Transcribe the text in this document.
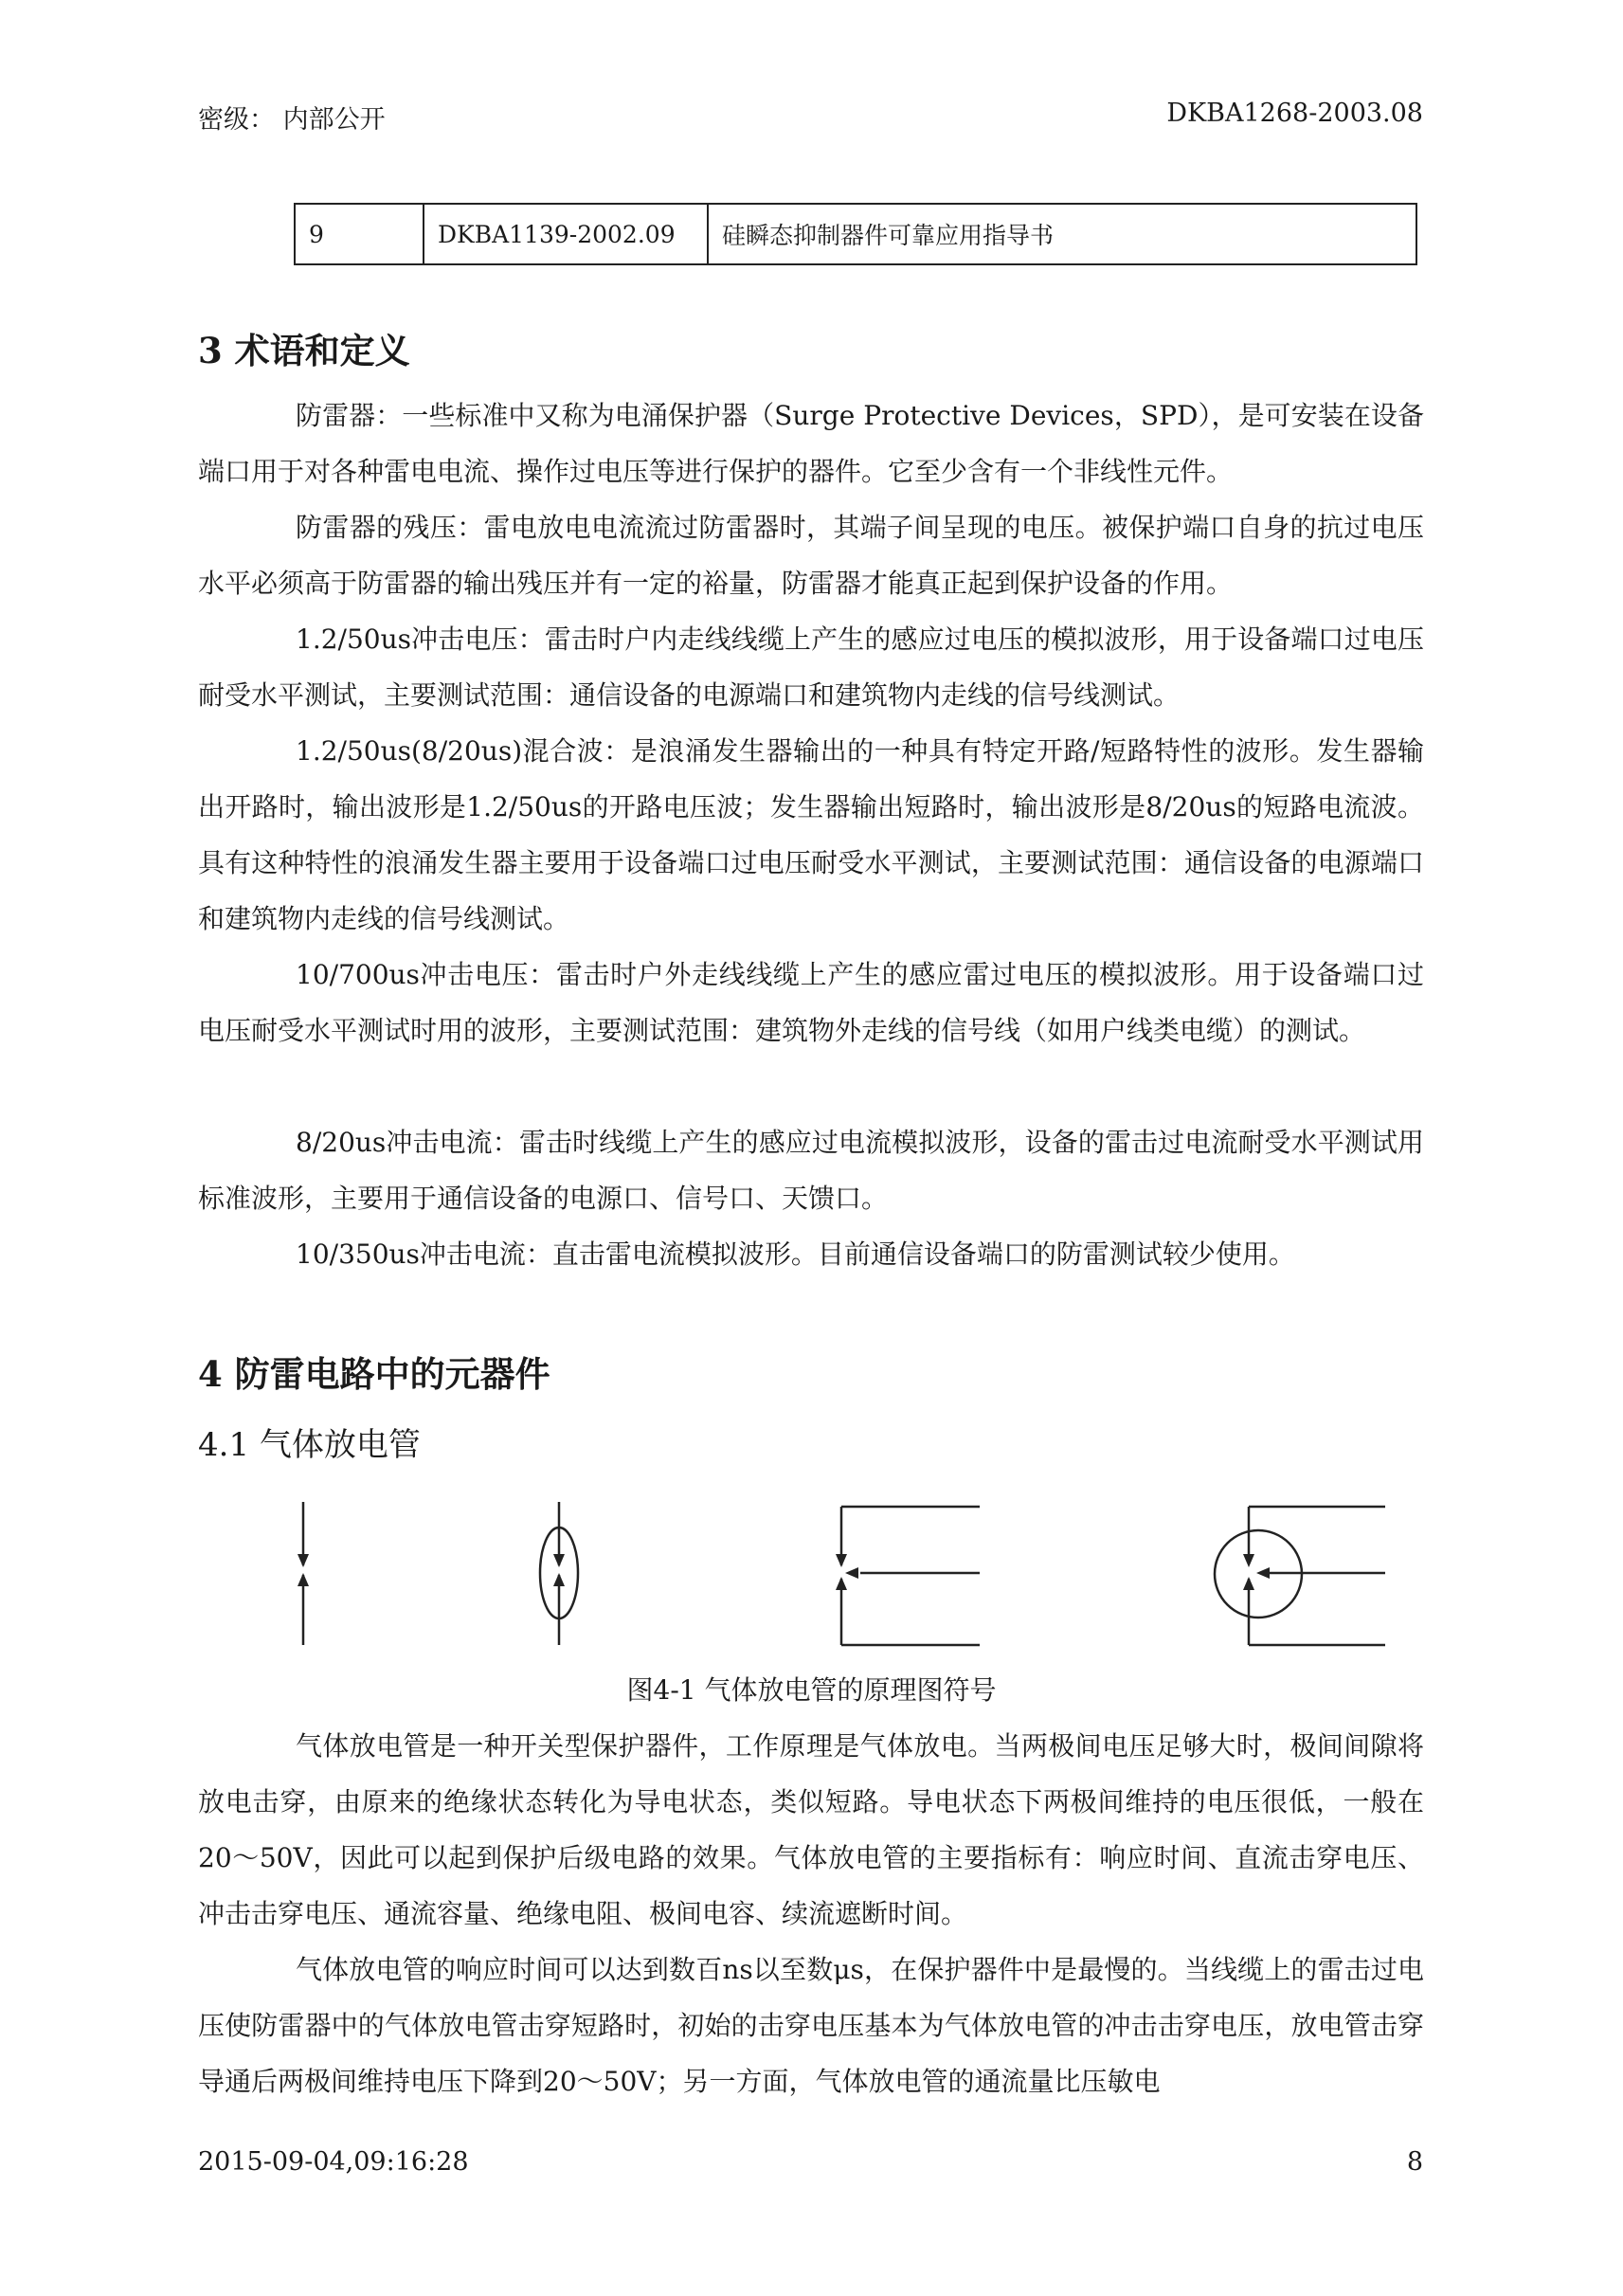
密级： 内部公开	DKBA1268-2003.08
9	DKBA1139-2002.09	硅瞬态抑制器件可靠应用指导书
3 术语和定义

防雷器：一些标准中又称为电涌保护器（Surge Protective Devices，SPD），是可安装在设备端口用于对各种雷电电流、操作过电压等进行保护的器件。它至少含有一个非线性元件。

防雷器的残压：雷电放电电流流过防雷器时，其端子间呈现的电压。被保护端口自身的抗过电压水平必须高于防雷器的输出残压并有一定的裕量，防雷器才能真正起到保护设备的作用。

1.2/50us冲击电压：雷击时户内走线线缆上产生的感应过电压的模拟波形，用于设备端口过电压耐受水平测试，主要测试范围：通信设备的电源端口和建筑物内走线的信号线测试。

1.2/50us(8/20us)混合波：是浪涌发生器输出的一种具有特定开路/短路特性的波形。发生器输出开路时，输出波形是1.2/50us的开路电压波；发生器输出短路时，输出波形是8/20us的短路电流波。具有这种特性的浪涌发生器主要用于设备端口过电压耐受水平测试，主要测试范围：通信设备的电源端口和建筑物内走线的信号线测试。

10/700us冲击电压：雷击时户外走线线缆上产生的感应雷过电压的模拟波形。用于设备端口过电压耐受水平测试时用的波形，主要测试范围：建筑物外走线的信号线（如用户线类电缆）的测试。

8/20us冲击电流：雷击时线缆上产生的感应过电流模拟波形，设备的雷击过电流耐受水平测试用标准波形，主要用于通信设备的电源口、信号口、天馈口。

10/350us冲击电流：直击雷电流模拟波形。目前通信设备端口的防雷测试较少使用。

4 防雷电路中的元器件
4.1 气体放电管
图4-1 气体放电管的原理图符号

气体放电管是一种开关型保护器件，工作原理是气体放电。当两极间电压足够大时，极间间隙将放电击穿，由原来的绝缘状态转化为导电状态，类似短路。导电状态下两极间维持的电压很低，一般在20～50V，因此可以起到保护后级电路的效果。气体放电管的主要指标有：响应时间、直流击穿电压、冲击击穿电压、通流容量、绝缘电阻、极间电容、续流遮断时间。

气体放电管的响应时间可以达到数百ns以至数μs，在保护器件中是最慢的。当线缆上的雷击过电压使防雷器中的气体放电管击穿短路时，初始的击穿电压基本为气体放电管的冲击击穿电压，放电管击穿导通后两极间维持电压下降到20～50V；另一方面，气体放电管的通流量比压敏电

2015-09-04,09:16:28	8
